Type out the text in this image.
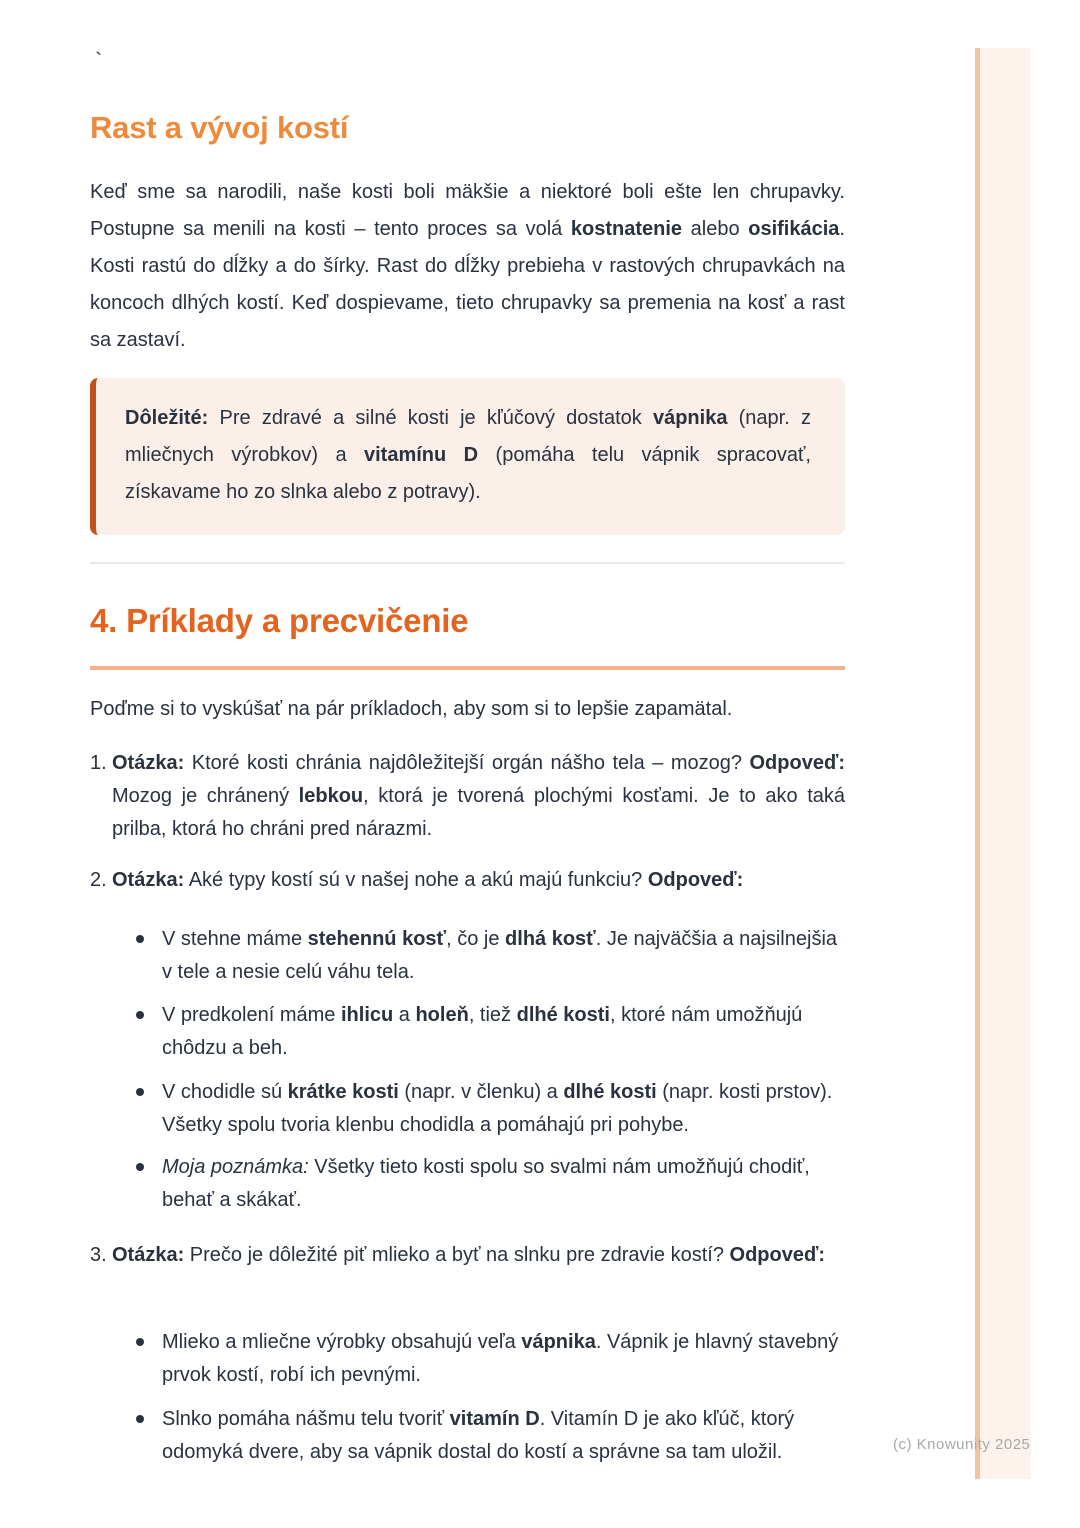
`
Rast a vývoj kostí

Keď sme sa narodili, naše kosti boli mäkšie a niektoré boli ešte len chrupavky. Postupne sa menili na kosti – tento proces sa volá kostnatenie alebo osifikácia. Kosti rastú do dĺžky a do šírky. Rast do dĺžky prebieha v rastových chrupavkách na koncoch dlhých kostí. Keď dospievame, tieto chrupavky sa premenia na kosť a rast sa zastaví.

Dôležité: Pre zdravé a silné kosti je kľúčový dostatok vápnika (napr. z mliečnych výrobkov) a vitamínu D (pomáha telu vápnik spracovať, získavame ho zo slnka alebo z potravy).

4. Príklady a precvičenie

Poďme si to vyskúšať na pár príkladoch, aby som si to lepšie zapamätal.

1. Otázka: Ktoré kosti chránia najdôležitejší orgán nášho tela – mozog? Odpoveď: Mozog je chránený lebkou, ktorá je tvorená plochými kosťami. Je to ako taká prilba, ktorá ho chráni pred nárazmi.
2. Otázka: Aké typy kostí sú v našej nohe a akú majú funkciu? Odpoveď:
V stehne máme stehennú kosť, čo je dlhá kosť. Je najväčšia a najsilnejšia v tele a nesie celú váhu tela.
V predkolení máme ihlicu a holeň, tiež dlhé kosti, ktoré nám umožňujú chôdzu a beh.
V chodidle sú krátke kosti (napr. v členku) a dlhé kosti (napr. kosti prstov). Všetky spolu tvoria klenbu chodidla a pomáhajú pri pohybe.
Moja poznámka: Všetky tieto kosti spolu so svalmi nám umožňujú chodiť, behať a skákať.
3. Otázka: Prečo je dôležité piť mlieko a byť na slnku pre zdravie kostí? Odpoveď:
Mlieko a mliečne výrobky obsahujú veľa vápnika. Vápnik je hlavný stavebný prvok kostí, robí ich pevnými.
Slnko pomáha nášmu telu tvoriť vitamín D. Vitamín D je ako kľúč, ktorý odomyká dvere, aby sa vápnik dostal do kostí a správne sa tam uložil.	(c) Knowunity 2025
